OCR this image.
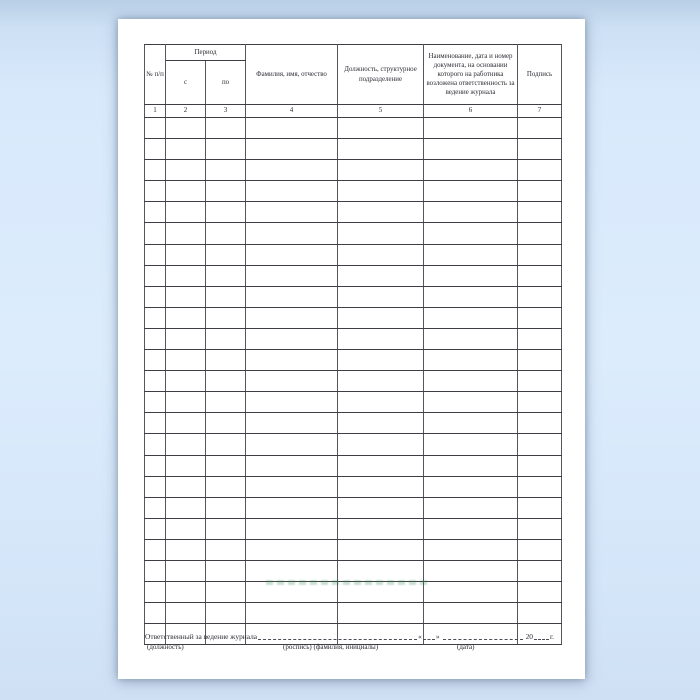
№ п/п	Период		Фамилия, имя, отчество	Должность, структурное подразделение	Наименование, дата и номер документа, на основании которого на работника возложена ответственность за ведение журнала	Подпись
	с	по				
1	2	3	4	5	6	7

Ответственный за ведение журнала	« »	20 г.
(должность)	(роспись) (фамилия, инициалы)	(дата)
